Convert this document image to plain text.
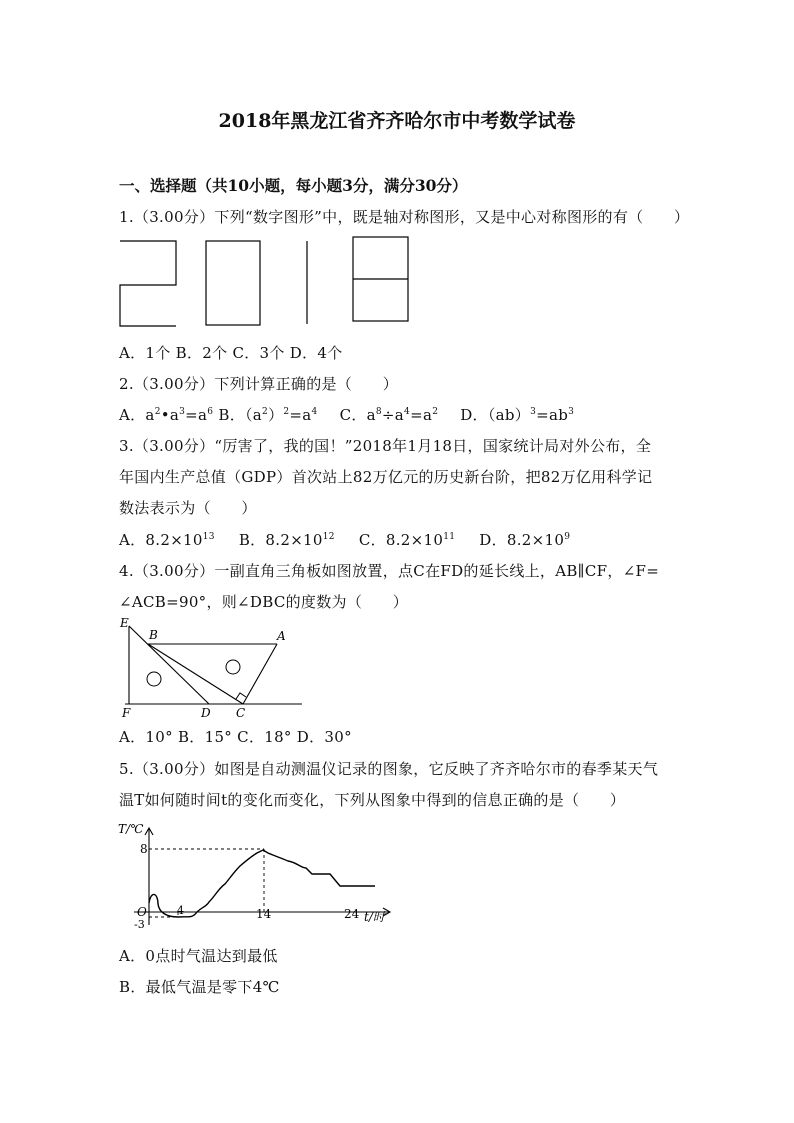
2018年黑龙江省齐齐哈尔市中考数学试卷
一、选择题（共10小题，每小题3分，满分30分）
1.（3.00分）下列“数字图形”中，既是轴对称图形，又是中心对称图形的有（　　）
A．1个 B．2个 C．3个 D．4个
2.（3.00分）下列计算正确的是（　　）
A．$a^2•a^3=a^6$ B．$(a^2)^2=a^4$ C．$a^8\div a^4=a^2$ D．$(ab)^3=ab^3$
3.（3.00分）“厉害了，我的国！”2018年1月18日，国家统计局对外公布，全
年国内生产总值（GDP）首次站上82万亿元的历史新台阶，把82万亿用科学记
数法表示为（　　）
A．$8.2\times 10^{13}$ B．$8.2\times 10^{12}$ C．$8.2\times 10^{11}$ D．$8.2\times 10^9$
4.（3.00分）一副直角三角板如图放置，点C在FD的延长线上，AB∥CF，∠F=
∠ACB=90°，则∠DBC的度数为（　　）
E
B	A
F	D C
A．10° B．15° C．18° D．30°
5.（3.00分）如图是自动测温仪记录的图象，它反映了齐齐哈尔市的春季某天气
温T如何随时间t的变化而变化，下列从图象中得到的信息正确的是（　　）
T/℃
8
O
-3
4	14	24 t/时
A．0点时气温达到最低
B．最低气温是零下4℃
